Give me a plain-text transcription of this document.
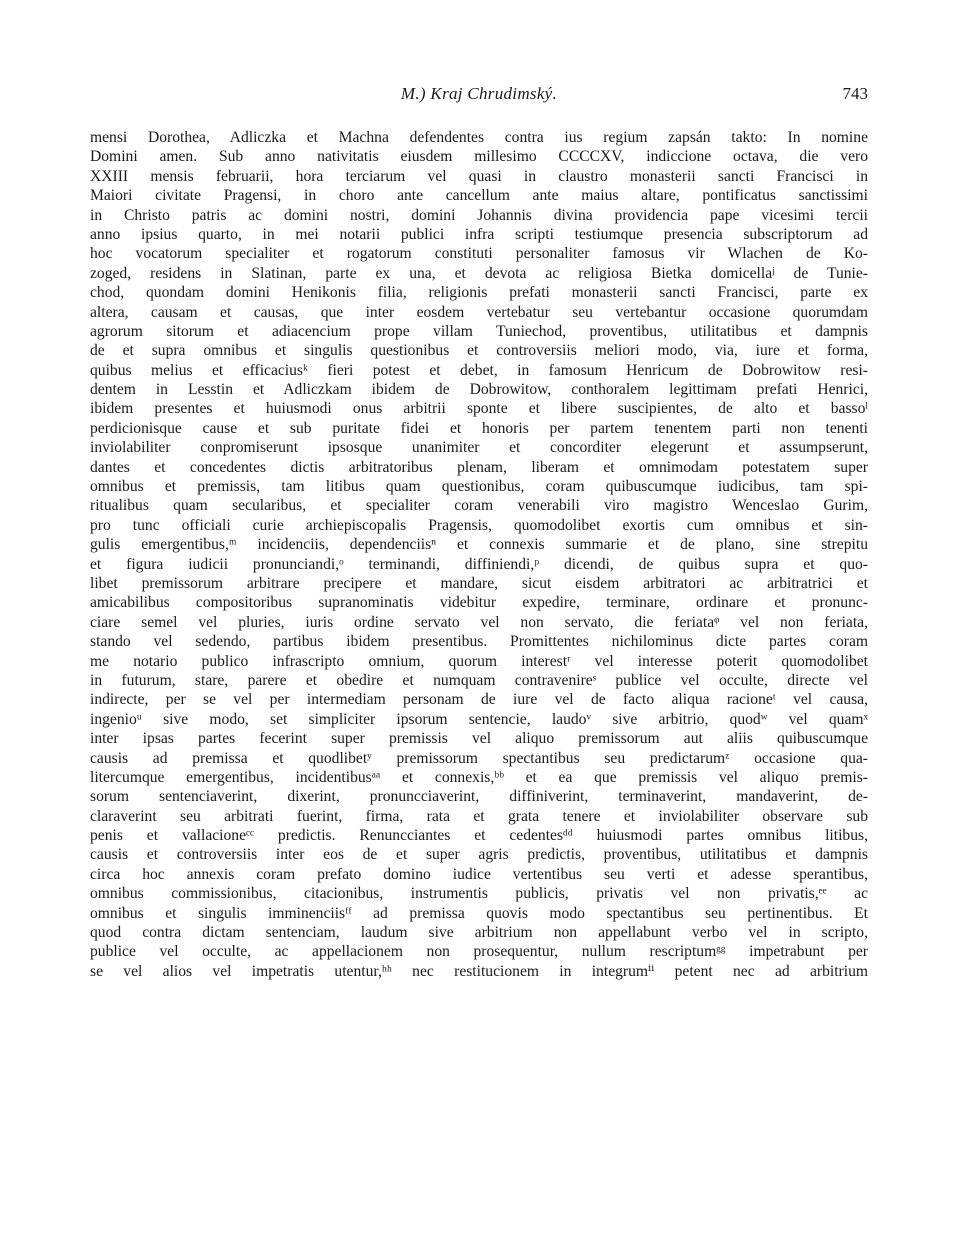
M.) Kraj Chrudimský.	743
mensi Dorothea, Adliczka et Machna defendentes contra ius regium zapsán takto: In nomine
Domini amen. Sub anno nativitatis eiusdem millesimo CCCCXV, indiccione octava, die vero
XXIII mensis februarii, hora terciarum vel quasi in claustro monasterii sancti Francisci in
Maiori civitate Pragensi, in choro ante cancellum ante maius altare, pontificatus sanctissimi
in Christo patris ac domini nostri, domini Johannis divina providencia pape vicesimi tercii
anno ipsius quarto, in mei notarii publici infra scripti testiumque presencia subscriptorum ad
hoc vocatorum specialiter et rogatorum constituti personaliter famosus vir Wlachen de Ko-
zoged, residens in Slatinan, parte ex una, et devota ac religiosa Bietka domicellaʲ de Tunie-
chod, quondam domini Henikonis filia, religionis prefati monasterii sancti Francisci, parte ex
altera, causam et causas, que inter eosdem vertebatur seu vertebantur occasione quorumdam
agrorum sitorum et adiacencium prope villam Tuniechod, proventibus, utilitatibus et dampnis
de et supra omnibus et singulis questionibus et controversiis meliori modo, via, iure et forma,
quibus melius et efficaciusᵏ fieri potest et debet, in famosum Henricum de Dobrowitow resi-
dentem in Lesstin et Adliczkam ibidem de Dobrowitow, conthoralem legittimam prefati Henrici,
ibidem presentes et huiusmodi onus arbitrii sponte et libere suscipientes, de alto et bassoˡ
perdicionisque cause et sub puritate fidei et honoris per partem tenentem parti non tenenti
inviolabiliter conpromiserunt ipsosque unanimiter et concorditer elegerunt et assumpserunt,
dantes et concedentes dictis arbitratoribus plenam, liberam et omnimodam potestatem super
omnibus et premissis, tam litibus quam questionibus, coram quibuscumque iudicibus, tam spi-
ritualibus quam secularibus, et specialiter coram venerabili viro magistro Wenceslao Gurim,
pro tunc officiali curie archiepiscopalis Pragensis, quomodolibet exortis cum omnibus et sin-
gulis emergentibus,ᵐ incidenciis, dependenciisⁿ et connexis summarie et de plano, sine strepitu
et figura iudicii pronunciandi,ᵒ terminandi, diffiniendi,ᵖ dicendi, de quibus supra et quo-
libet premissorum arbitrare precipere et mandare, sicut eisdem arbitratori ac arbitratrici et
amicabilibus compositoribus supranominatis videbitur expedire, terminare, ordinare et pronunc-
ciare semel vel pluries, iuris ordine servato vel non servato, die feriataᵠ vel non feriata,
stando vel sedendo, partibus ibidem presentibus. Promittentes nichilominus dicte partes coram
me notario publico infrascripto omnium, quorum interestʳ vel interesse poterit quomodolibet
in futurum, stare, parere et obedire et numquam contravenireˢ publice vel occulte, directe vel
indirecte, per se vel per intermediam personam de iure vel de facto aliqua racioneᵗ vel causa,
ingenioᵘ sive modo, set simpliciter ipsorum sentencie, laudoᵛ sive arbitrio, quodʷ vel quamˣ
inter ipsas partes fecerint super premissis vel aliquo premissorum aut aliis quibuscumque
causis ad premissa et quodlibetʸ premissorum spectantibus seu predictarumᶻ occasione qua-
litercumque emergentibus, incidentibusᵃᵃ et connexis,ᵇᵇ et ea que premissis vel aliquo premis-
sorum sentenciaverint, dixerint, pronuncciaverint, diffiniverint, terminaverint, mandaverint, de-
claraverint seu arbitrati fuerint, firma, rata et grata tenere et inviolabiliter observare sub
penis et vallacioneᶜᶜ predictis. Renuncciantes et cedentesᵈᵈ huiusmodi partes omnibus litibus,
causis et controversiis inter eos de et super agris predictis, proventibus, utilitatibus et dampnis
circa hoc annexis coram prefato domino iudice vertentibus seu verti et adesse sperantibus,
omnibus commissionibus, citacionibus, instrumentis publicis, privatis vel non privatis,ᵉᵉ ac
omnibus et singulis imminenciisᶠᶠ ad premissa quovis modo spectantibus seu pertinentibus. Et
quod contra dictam sentenciam, laudum sive arbitrium non appellabunt verbo vel in scripto,
publice vel occulte, ac appellacionem non prosequentur, nullum rescriptumᵍᵍ impetrabunt per
se vel alios vel impetratis utentur,ʰʰ nec restitucionem in integrumⁱⁱ petent nec ad arbitrium
